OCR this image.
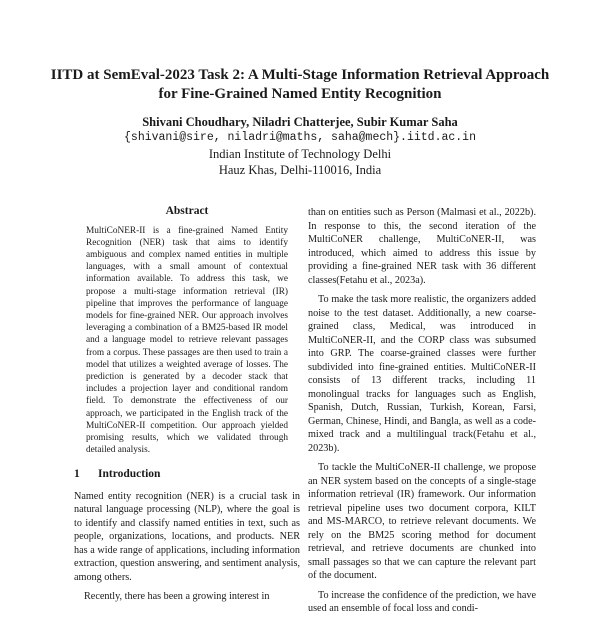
IITD at SemEval-2023 Task 2: A Multi-Stage Information Retrieval Approach for Fine-Grained Named Entity Recognition
Shivani Choudhary, Niladri Chatterjee, Subir Kumar Saha
{shivani@sire, niladri@maths, saha@mech}.iitd.ac.in
Indian Institute of Technology Delhi
Hauz Khas, Delhi-110016, India
Abstract
MultiCoNER-II is a fine-grained Named Entity Recognition (NER) task that aims to identify ambiguous and complex named entities in multiple languages, with a small amount of contextual information available. To address this task, we propose a multi-stage information retrieval (IR) pipeline that improves the performance of language models for fine-grained NER. Our approach involves leveraging a combination of a BM25-based IR model and a language model to retrieve relevant passages from a corpus. These passages are then used to train a model that utilizes a weighted average of losses. The prediction is generated by a decoder stack that includes a projection layer and conditional random field. To demonstrate the effectiveness of our approach, we participated in the English track of the MultiCoNER-II competition. Our approach yielded promising results, which we validated through detailed analysis.
1 Introduction

Named entity recognition (NER) is a crucial task in natural language processing (NLP), where the goal is to identify and classify named entities in text, such as people, organizations, locations, and products. NER has a wide range of applications, including information extraction, question answering, and sentiment analysis, among others.

Recently, there has been a growing interest in

than on entities such as Person (Malmasi et al., 2022b). In response to this, the second iteration of the MultiCoNER challenge, MultiCoNER-II, was introduced, which aimed to address this issue by providing a fine-grained NER task with 36 different classes(Fetahu et al., 2023a).

To make the task more realistic, the organizers added noise to the test dataset. Additionally, a new coarse-grained class, Medical, was introduced in MultiCoNER-II, and the CORP class was subsumed into GRP. The coarse-grained classes were further subdivided into fine-grained entities. MultiCoNER-II consists of 13 different tracks, including 11 monolingual tracks for languages such as English, Spanish, Dutch, Russian, Turkish, Korean, Farsi, German, Chinese, Hindi, and Bangla, as well as a code-mixed track and a multilingual track(Fetahu et al., 2023b).

To tackle the MultiCoNER-II challenge, we propose an NER system based on the concepts of a single-stage information retrieval (IR) framework. Our information retrieval pipeline uses two document corpora, KILT and MS-MARCO, to retrieve relevant documents. We rely on the BM25 scoring method for document retrieval, and retrieve documents are chunked into small passages so that we can capture the relevant part of the document.

To increase the confidence of the prediction, we have used an ensemble of focal loss and condi-
